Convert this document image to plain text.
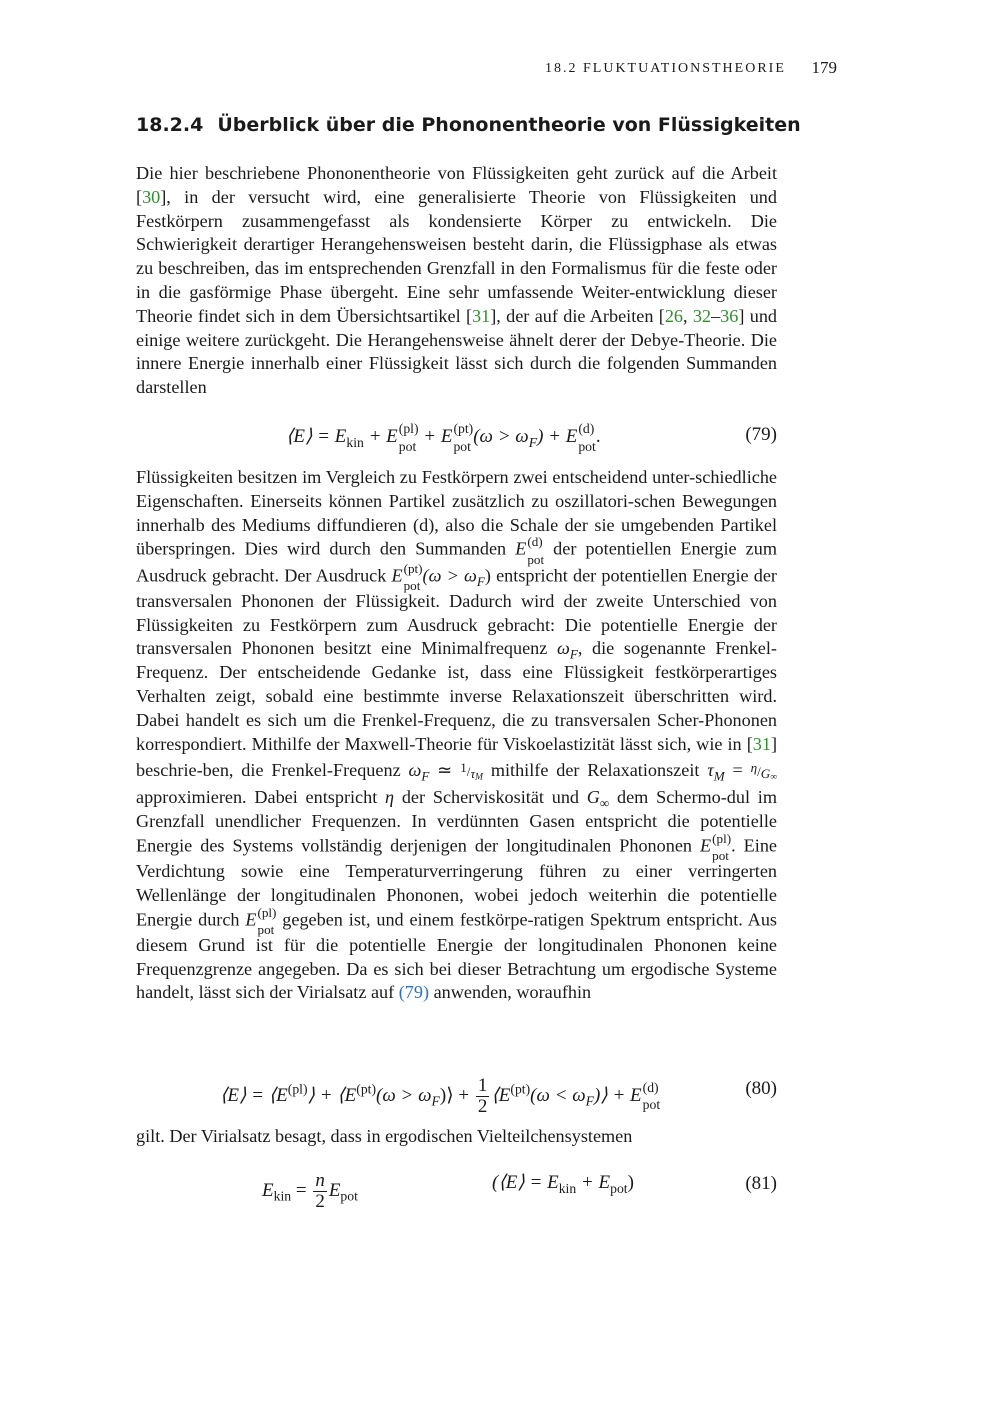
18.2 FLUKTUATIONSTHEORIE 179
18.2.4 Überblick über die Phononentheorie von Flüssigkeiten

Die hier beschriebene Phononentheorie von Flüssigkeiten geht zurück auf die Arbeit [30], in der versucht wird, eine generalisierte Theorie von Flüssigkeiten und Festkörpern zusammengefasst als kondensierte Körper zu entwickeln. Die Schwierigkeit derartiger Herangehensweisen besteht darin, die Flüssigphase als etwas zu beschreiben, das im entsprechenden Grenzfall in den Formalismus für die feste oder in die gasförmige Phase übergeht. Eine sehr umfassende Weiter-entwicklung dieser Theorie findet sich in dem Übersichtsartikel [31], der auf die Arbeiten [26, 32–36] und einige weitere zurückgeht. Die Herangehensweise ähnelt derer der Debye-Theorie. Die innere Energie innerhalb einer Flüssigkeit lässt sich durch die folgenden Summanden darstellen

⟨E⟩ = $E_{kin} + E$ (pl)
pot + E (pt)
pot $(\omega > \omega_F) + E$ (d)
pot .	(79)

Flüssigkeiten besitzen im Vergleich zu Festkörpern zwei entscheidend unter-schiedliche Eigenschaften. Einerseits können Partikel zusätzlich zu oszillatori-schen Bewegungen innerhalb des Mediums diffundieren (d), also die Schale der sie umgebenden Partikel überspringen. Dies wird durch den Summanden E (d)
pot
der potentiellen Energie zum Ausdruck gebracht. Der Ausdruck E (pt)
pot
$(\omega > \omega_F)$ entspricht der potentiellen Energie der transversalen Phononen der Flüssigkeit. Dadurch wird der zweite Unterschied von Flüssigkeiten zu Festkörpern zum Ausdruck gebracht: Die potentielle Energie der transversalen Phononen besitzt eine Minimalfrequenz $\omega_F$, die sogenannte Frenkel-Frequenz. Der entscheidende Gedanke ist, dass eine Flüssigkeit festkörperartiges Verhalten zeigt, sobald eine bestimmte inverse Relaxationszeit überschritten wird. Dabei handelt es sich um die Frenkel-Frequenz, die zu transversalen Scher-Phononen korrespondiert. Mithilfe der Maxwell-Theorie für Viskoelastizität lässt sich, wie in [31] beschrie-ben, die Frenkel-Frequenz $\omega_F$ ≃ $1/\tau_M$ mithilfe der Relaxationszeit $\tau_M = \eta/G_\infty$ approximieren. Dabei entspricht η der Scherviskosität und $G_\infty$ dem Schermo-dul im Grenzfall unendlicher Frequenzen. In verdünnten Gasen entspricht die potentielle Energie des Systems vollständig derjenigen der longitudinalen Phononen E (pl)
pot
. Eine Verdichtung sowie eine Temperaturverringerung führen zu einer verringerten Wellenlänge der longitudinalen Phononen, wobei jedoch weiterhin die potentielle Energie durch E (pl)
pot
gegeben ist, und einem festkörpe-ratigen Spektrum entspricht. Aus diesem Grund ist für die potentielle Energie der longitudinalen Phononen keine Frequenzgrenze angegeben. Da es sich bei dieser Betrachtung um ergodische Systeme handelt, lässt sich der Virialsatz auf (79) anwenden, woraufhin

⟨E⟩ = $⟨E^{(pl)}⟩$ + $⟨E^{(pt)}(\omega$ > $\omega_F)⟩ + \frac{1}{2}$ $⟨E^{(pt)}(\omega$ < $\omega_F)⟩ + E$ (d)
pot
(80)

gilt. Der Virialsatz besagt, dass in ergodischen Vielteilchensystemen

$E_{kin} = \frac{n}{2} E_{pot}$
(⟨E⟩ = $E_{kin} + E_{pot}$)	(81)
